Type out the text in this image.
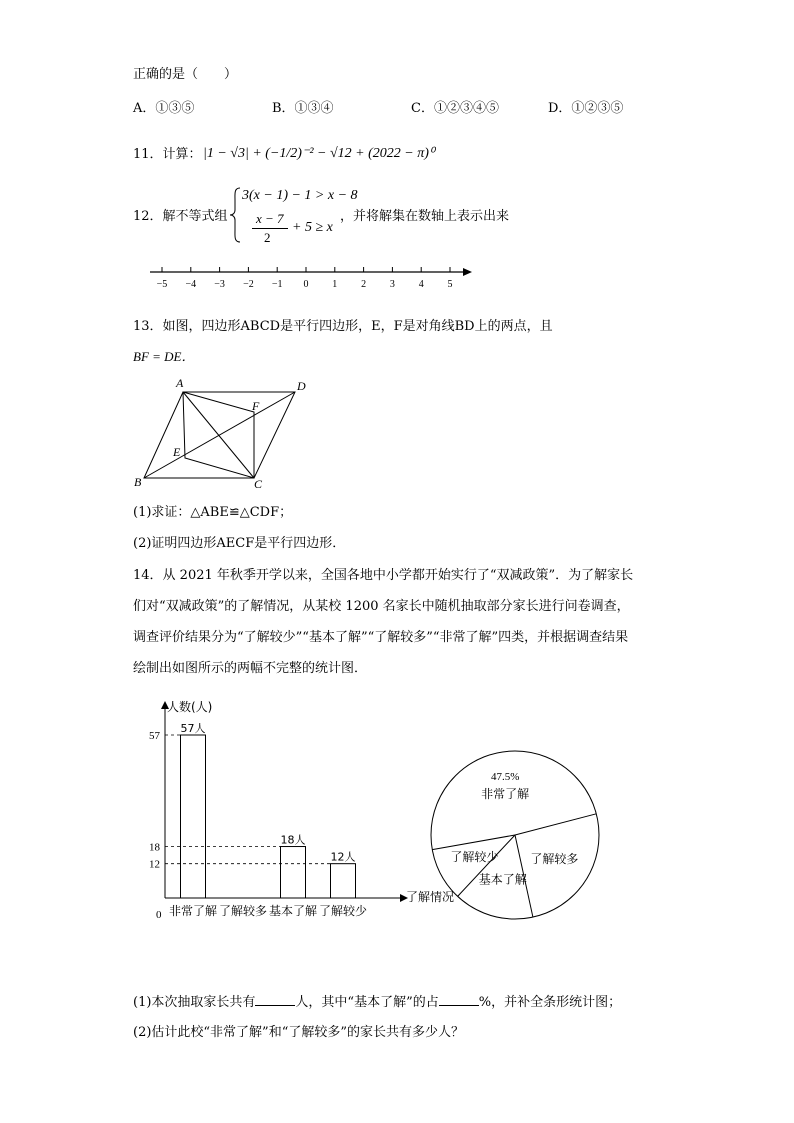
正确的是（　　）
A．①③⑤	B．①③④	C．①②③④⑤	D．①②③⑤
11．计算： |1 − √3| + (−1/2)⁻² − √12 + (2022 − π)⁰
12．解不等式组
3(x − 1) − 1 > x − 8
x − 7
2
+ 5 ≥ x
，并将解集在数轴上表示出来
−5 −4 −3 −2 −1 0 1 2 3 4 5
13．如图，四边形ABCD是平行四边形，E，F是对角线BD上的两点，且
BF = DE．
A	D
F
E
B	C
(1)求证：△ABE≌△CDF；
(2)证明四边形AECF是平行四边形．
14．从 2021 年秋季开学以来，全国各地中小学都开始实行了“双减政策”．为了解家长
们对“双减政策”的了解情况，从某校 1200 名家长中随机抽取部分家长进行问卷调查，
调查评价结果分为“了解较少”“基本了解”“了解较多”“非常了解”四类，并根据调查结果
绘制出如图所示的两幅不完整的统计图．
人数(人)
了解情况
0
57
18
12
57人
非常了解 了解较多
18人
基本了解
12人
了解较少
47.5%
非常了解
了解较多
基本了解
了解较少
(1)本次抽取家长共有	人，其中“基本了解”的占	%，并补全条形统计图；
(2)估计此校“非常了解”和“了解较多”的家长共有多少人？
